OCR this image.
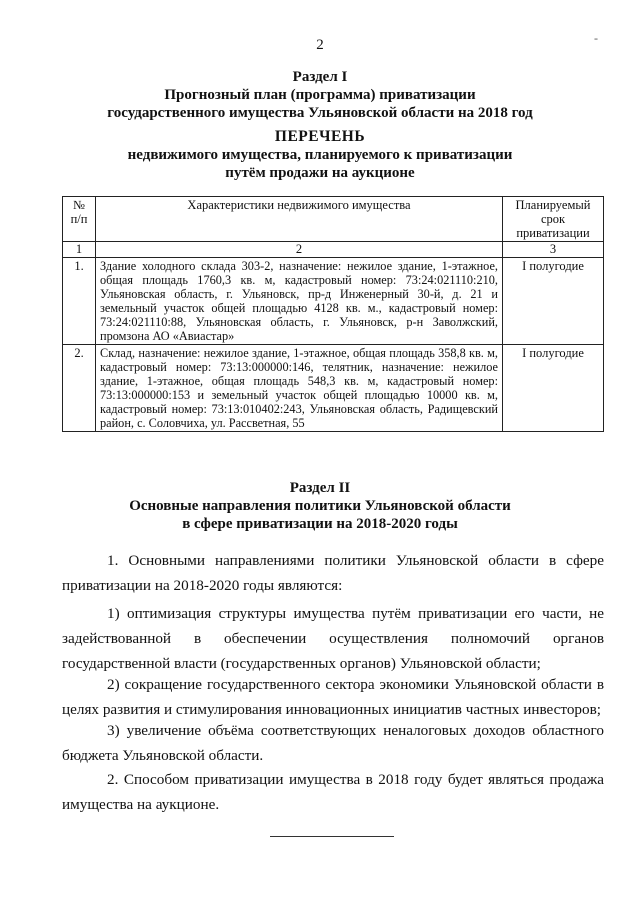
2	-
Раздел I
Прогнозный план (программа) приватизации
государственного имущества Ульяновской области на 2018 год
ПЕРЕЧЕНЬ
недвижимого имущества, планируемого к приватизации
путём продажи на аукционе
№ п/п	Характеристики недвижимого имущества	Планируемый срок приватизации
1	2	3
1.	Здание холодного склада 303-2, назначение: нежилое здание, 1-этажное, общая площадь 1760,3 кв. м, кадастровый номер: 73:24:021110:210, Ульяновская область, г. Ульяновск, пр-д Инженерный 30-й, д. 21 и земельный участок общей площадью 4128 кв. м., кадастровый номер: 73:24:021110:88, Ульяновская область, г. Ульяновск, р-н Заволжский, промзона АО «Авиастар»	I полугодие
2.	Склад, назначение: нежилое здание, 1-этажное, общая площадь 358,8 кв. м, кадастровый номер: 73:13:000000:146, телятник, назначение: нежилое здание, 1-этажное, общая площадь 548,3 кв. м, кадастровый номер: 73:13:000000:153 и земельный участок общей площадью 10000 кв. м, кадастровый номер: 73:13:010402:243, Ульяновская область, Радищевский район, с. Соловчиха, ул. Рассветная, 55	I полугодие
Раздел II
Основные направления политики Ульяновской области
в сфере приватизации на 2018-2020 годы
1. Основными направлениями политики Ульяновской области в сфере приватизации на 2018-2020 годы являются:
1) оптимизация структуры имущества путём приватизации его части, не задействованной в обеспечении осуществления полномочий органов государственной власти (государственных органов) Ульяновской области;
2) сокращение государственного сектора экономики Ульяновской области в целях развития и стимулирования инновационных инициатив частных инвесторов;
3) увеличение объёма соответствующих неналоговых доходов областного бюджета Ульяновской области.
2. Способом приватизации имущества в 2018 году будет являться продажа имущества на аукционе.
